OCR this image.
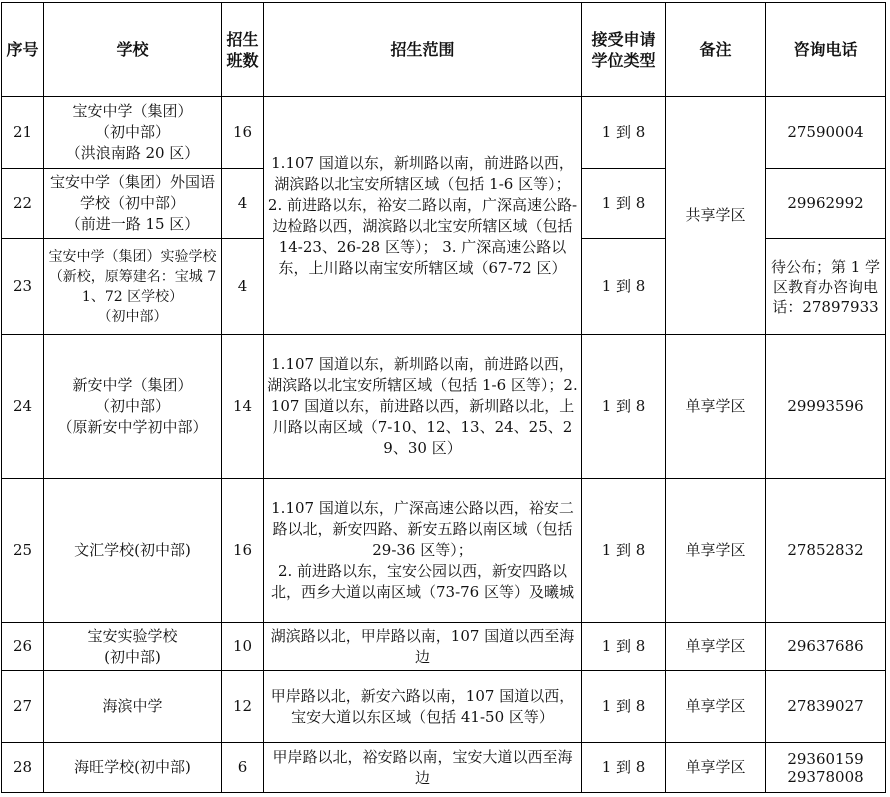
序号	学校	招生班数	招生范围	接受申请学位类型	备注	咨询电话
21	宝安中学（集团）
（初中部）
（洪浪南路 20 区）	16	1.107 国道以东，新圳路以南，前进路以西，湖滨路以北宝安所辖区域（包括 1-6 区等）； 2. 前进路以东，裕安二路以南，广深高速公路-边检路以西，湖滨路以北宝安所辖区域（包括 14-23、26-28 区等）； 3. 广深高速公路以东，上川路以南宝安所辖区域（67-72 区）	1 到 8	共享学区	27590004
22	宝安中学（集团）外国语学校（初中部）
（前进一路 15 区）	4		1 到 8		29962992
23	宝安中学（集团）实验学校（新校，原筹建名：宝城 71、72 区学校）
（初中部）	4		1 到 8		待公布；第 1 学区教育办咨询电话：27897933
24	新安中学（集团）
（初中部）
（原新安中学初中部）	14	1.107 国道以东，新圳路以南，前进路以西，湖滨路以北宝安所辖区域（包括 1-6 区等）；2. 107 国道以东，前进路以西，新圳路以北，上川路以南区域（7-10、12、13、24、25、29、30 区）	1 到 8	单享学区	29993596
25	文汇学校(初中部)	16	1.107 国道以东，广深高速公路以西，裕安二路以北，新安四路、新安五路以南区域（包括 29-36 区等）；
2. 前进路以东，宝安公园以西，新安四路以北，西乡大道以南区域（73-76 区等）及曦城	1 到 8	单享学区	27852832
26	宝安实验学校
(初中部)	10	湖滨路以北，甲岸路以南，107 国道以西至海边	1 到 8	单享学区	29637686
27	海滨中学	12	甲岸路以北，新安六路以南，107 国道以西，宝安大道以东区域（包括 41-50 区等）	1 到 8	单享学区	27839027
28	海旺学校(初中部)	6	甲岸路以北，裕安路以南，宝安大道以西至海边	1 到 8	单享学区	29360159
29378008
